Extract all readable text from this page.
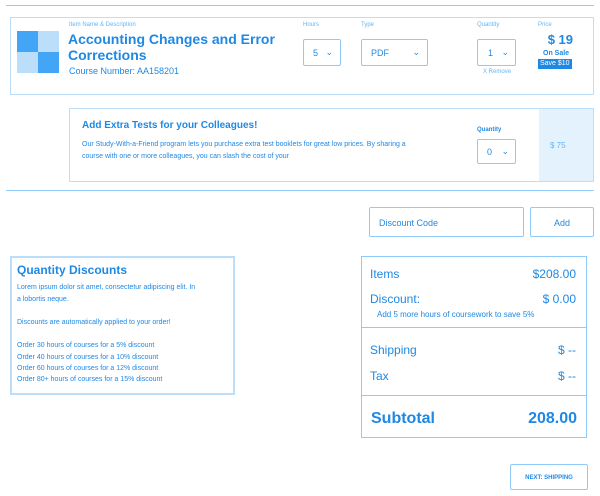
Item Name & Description	Hours	Type	Quantity	Price
Accounting Changes and Error Corrections
Course Number: AA158201
5 ⌄	PDF	⌄	1 ⌄
X Remove
$ 19
On Sale
Save $10
Add Extra Tests for your Colleagues!
Our Study-With-a-Friend program lets you purchase extra test booklets for great low prices. By sharing a course with one or more colleagues, you can slash the cost of your
Quantity
0 ⌄	$ 75
Discount Code	Add
Quantity Discounts
Lorem ipsum dolor sit amet, consectetur adipiscing elit. In
a lobortis neque.
Discounts are automatically applied to your order!
Order 30 hours of courses for a 5% discount
Order 40 hours of courses for a 10% discount
Order 60 hours of courses for a 12% discount
Order 80+ hours of courses for a 15% discount
Items	$208.00
Discount:	$ 0.00
Add 5 more hours of coursework to save 5%
Shipping	$ --
Tax	$ --
Subtotal	208.00
NEXT: SHIPPING
